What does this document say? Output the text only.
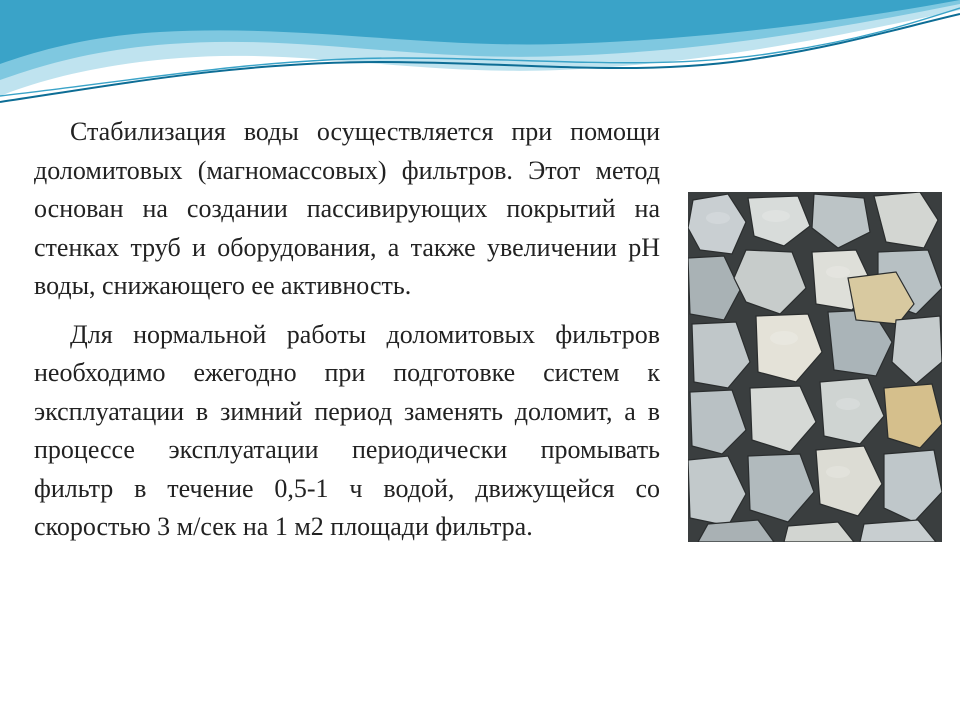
Стабилизация воды осуществляется при помощи доломитовых (магномассовых) фильтров. Этот метод основан на создании пассивирующих покрытий на стенках труб и оборудования, а также увеличении pH воды, снижающего ее активность.

Для нормальной работы доломитовых фильтров необходимо ежегодно при подготовке систем к эксплуатации в зимний период заменять доломит, а в процессе эксплуатации периодически промывать фильтр в течение 0,5-1 ч водой, движущейся со скоростью 3 м/сек на 1 м2 площади фильтра.
